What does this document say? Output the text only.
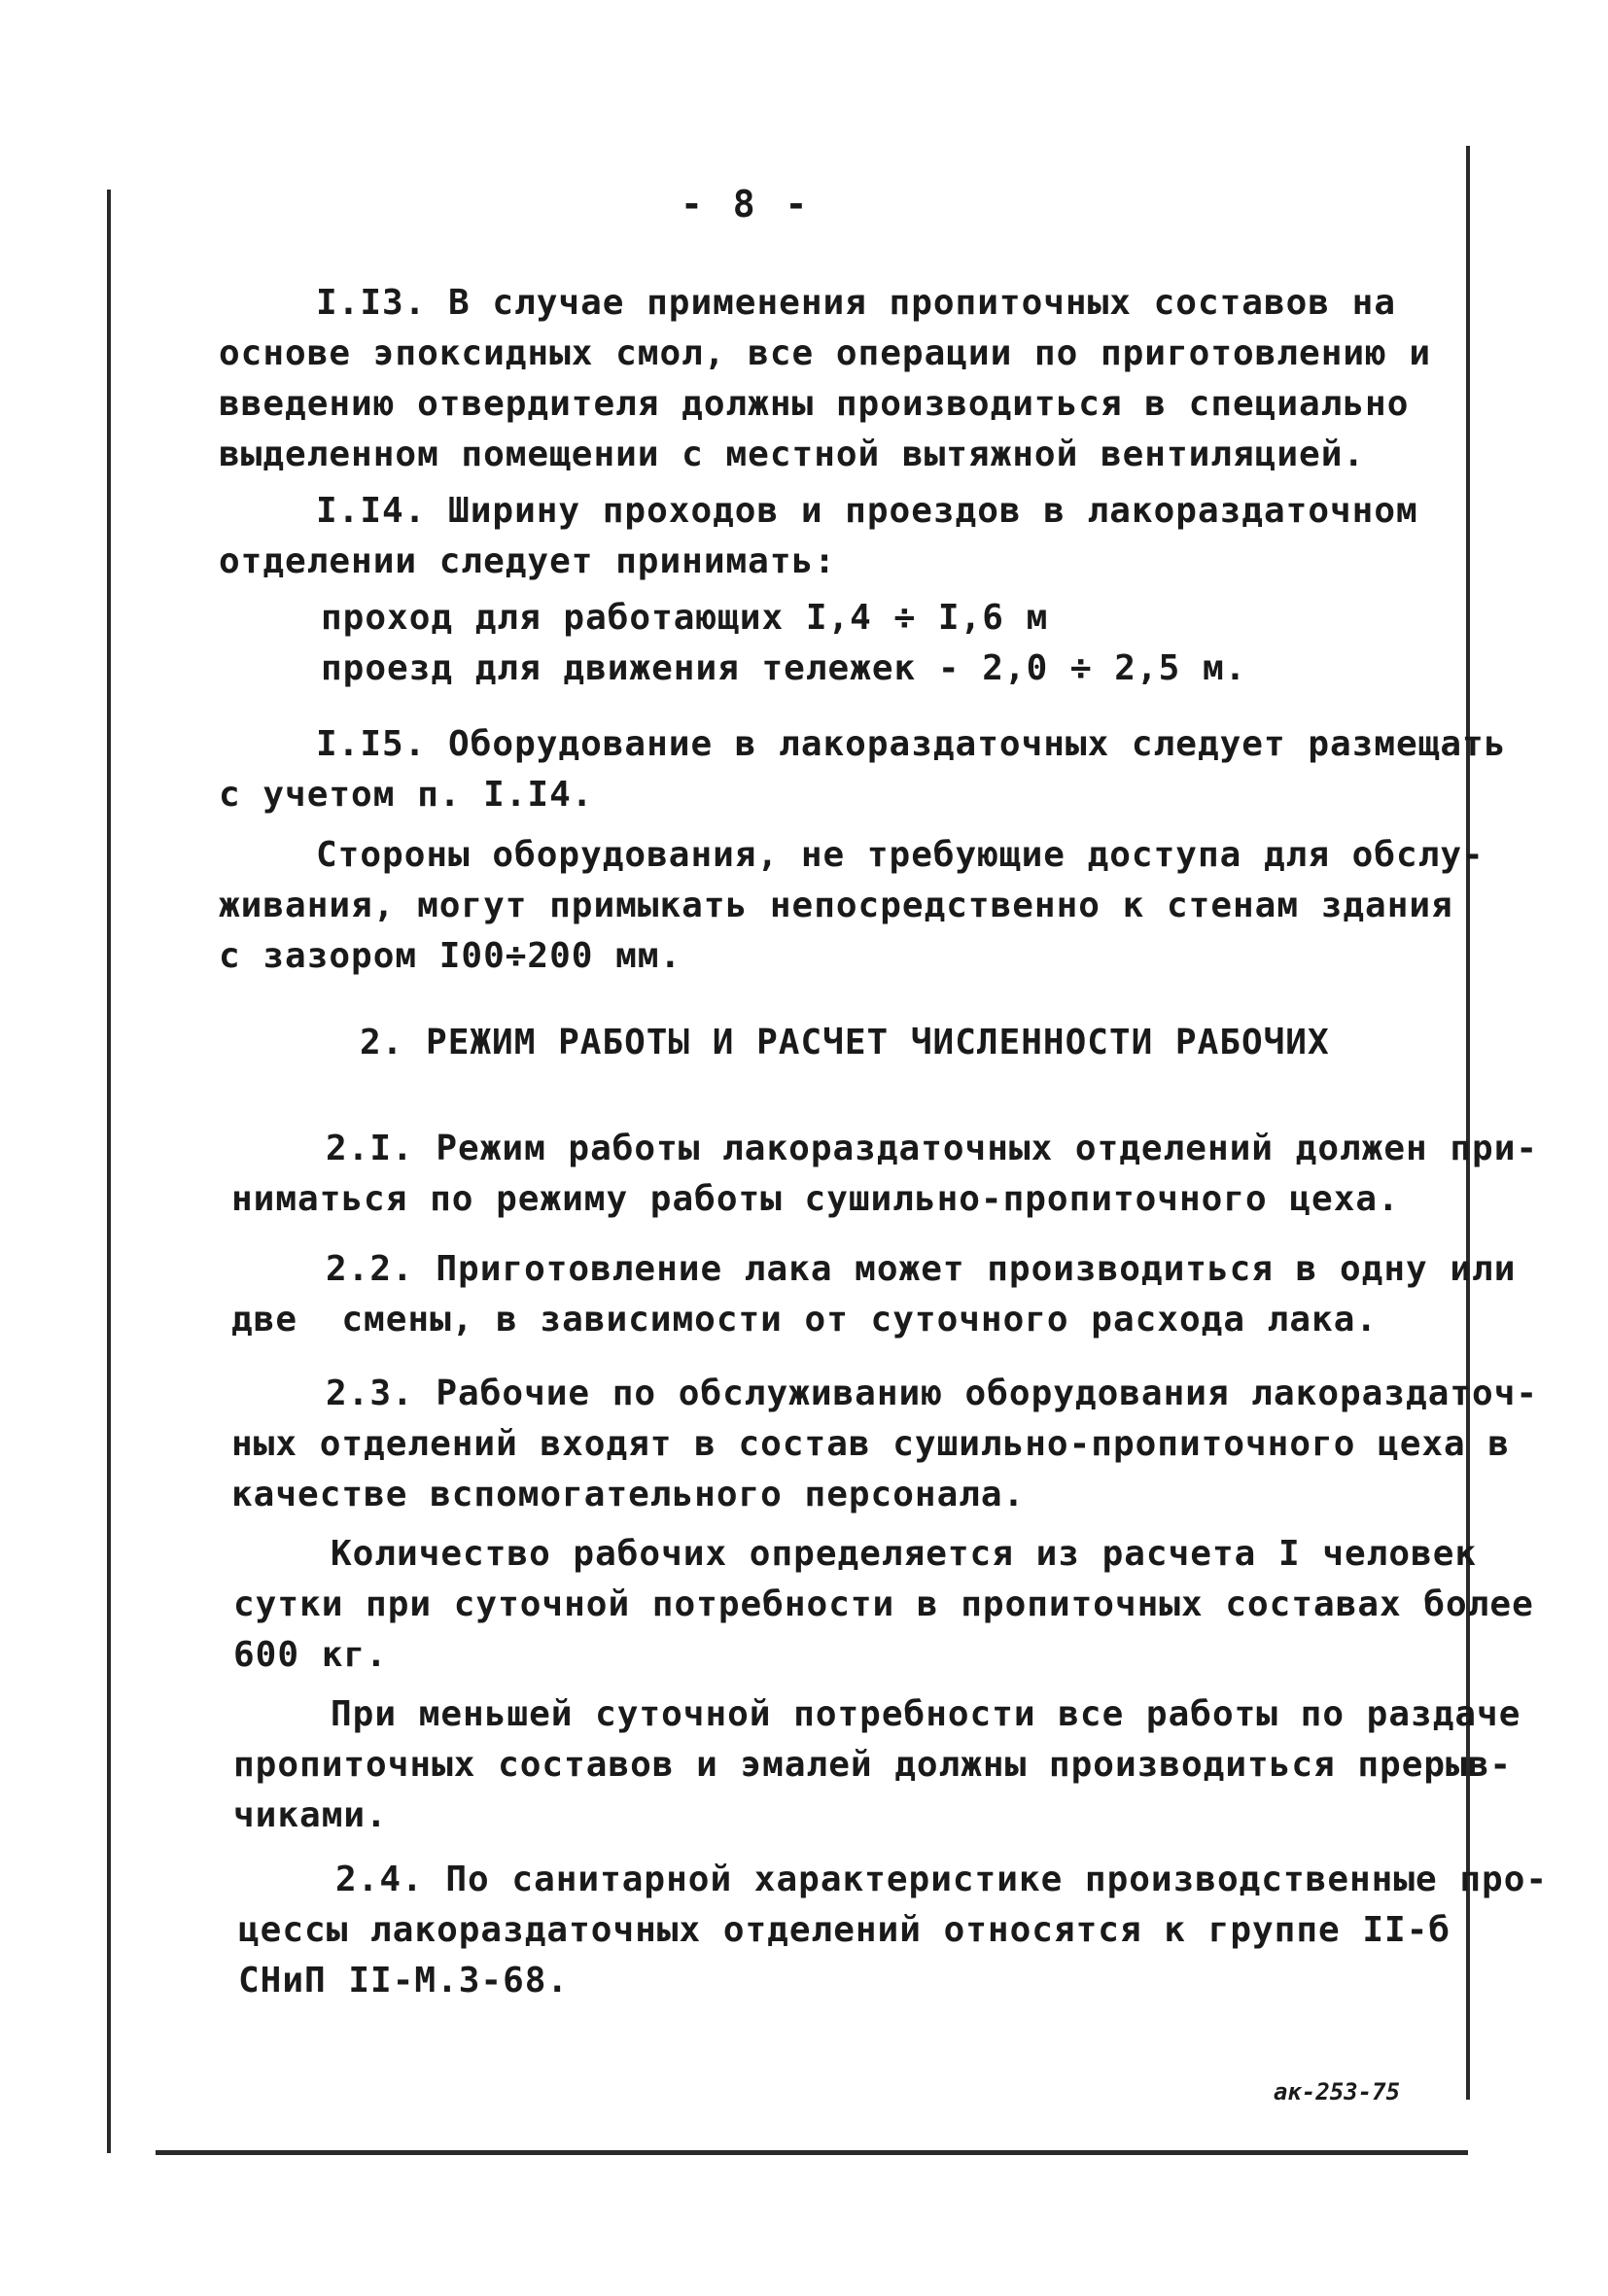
- 8 -
I.I3. В случае применения пропиточных составов на
основе эпоксидных смол, все операции по приготовлению и
введению отвердителя должны производиться в специально
выделенном помещении с местной вытяжной вентиляцией.
I.I4. Ширину проходов и проездов в лакораздаточном
отделении следует принимать:
проход для работающих I,4 ÷ I,6 м
проезд для движения тележек - 2,0 ÷ 2,5 м.
I.I5. Оборудование в лакораздаточных следует размещать
с учетом п. I.I4.
Стороны оборудования, не требующие доступа для обслу-
живания, могут примыкать непосредственно к стенам здания
с зазором I00÷200 мм.
2. РЕЖИМ РАБОТЫ И РАСЧЕТ ЧИСЛЕННОСТИ РАБОЧИХ
2.I. Режим работы лакораздаточных отделений должен при-
ниматься по режиму работы сушильно-пропиточного цеха.
2.2. Приготовление лака может производиться в одну или
две  смены, в зависимости от суточного расхода лака.
2.3. Рабочие по обслуживанию оборудования лакораздаточ-
ных отделений входят в состав сушильно-пропиточного цеха в
качестве вспомогательного персонала.
Количество рабочих определяется из расчета I человек
сутки при суточной потребности в пропиточных составах более
600 кг.
При меньшей суточной потребности все работы по раздаче
пропиточных составов и эмалей должны производиться прерыв-
чиками.
2.4. По санитарной характеристике производственные про-
цессы лакораздаточных отделений относятся к группе ІІ-б
СНиП ІІ-М.3-68.
ак-253-75
